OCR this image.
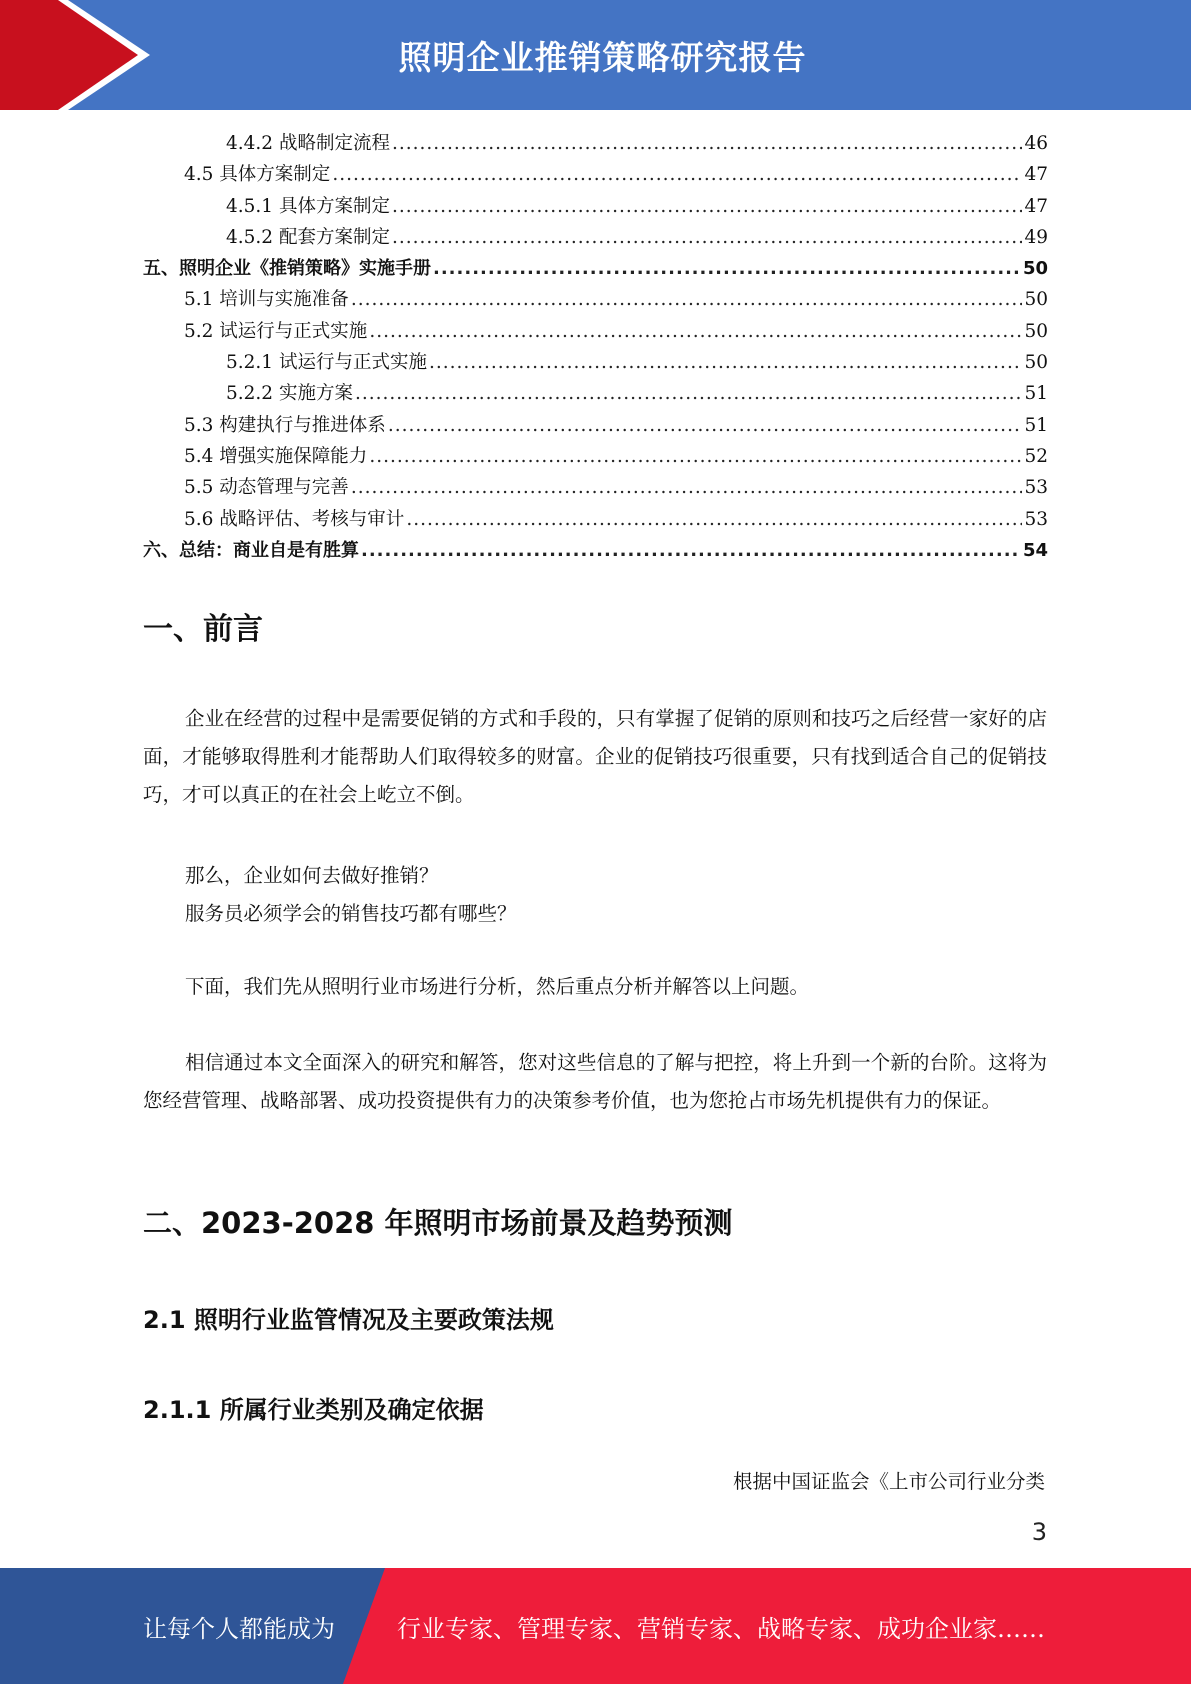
照明企业推销策略研究报告
4.4.2 战略制定流程 .....	46
4.5 具体方案制定 .....	47
4.5.1 具体方案制定 .....	47
4.5.2 配套方案制定 .....	49
五、照明企业《推销策略》实施手册 .....	50
5.1 培训与实施准备 .....	50
5.2 试运行与正式实施 .....	50
5.2.1 试运行与正式实施 .....	50
5.2.2 实施方案 .....	51
5.3 构建执行与推进体系 .....	51
5.4 增强实施保障能力 .....	52
5.5 动态管理与完善 .....	53
5.6 战略评估、考核与审计 .....	53
六、总结：商业自是有胜算 .....	54
一、前言
企业在经营的过程中是需要促销的方式和手段的，只有掌握了促销的原则和技巧之后经营一家好的店面，才能够取得胜利才能帮助人们取得较多的财富。企业的促销技巧很重要，只有找到适合自己的促销技巧，才可以真正的在社会上屹立不倒。
那么，企业如何去做好推销？
服务员必须学会的销售技巧都有哪些？
下面，我们先从照明行业市场进行分析，然后重点分析并解答以上问题。
相信通过本文全面深入的研究和解答，您对这些信息的了解与把控，将上升到一个新的台阶。这将为您经营管理、战略部署、成功投资提供有力的决策参考价值，也为您抢占市场先机提供有力的保证。
二、2023-2028 年照明市场前景及趋势预测
2.1 照明行业监管情况及主要政策法规
2.1.1 所属行业类别及确定依据
根据中国证监会《上市公司行业分类
3
让每个人都能成为	行业专家、管理专家、营销专家、战略专家、成功企业家……
